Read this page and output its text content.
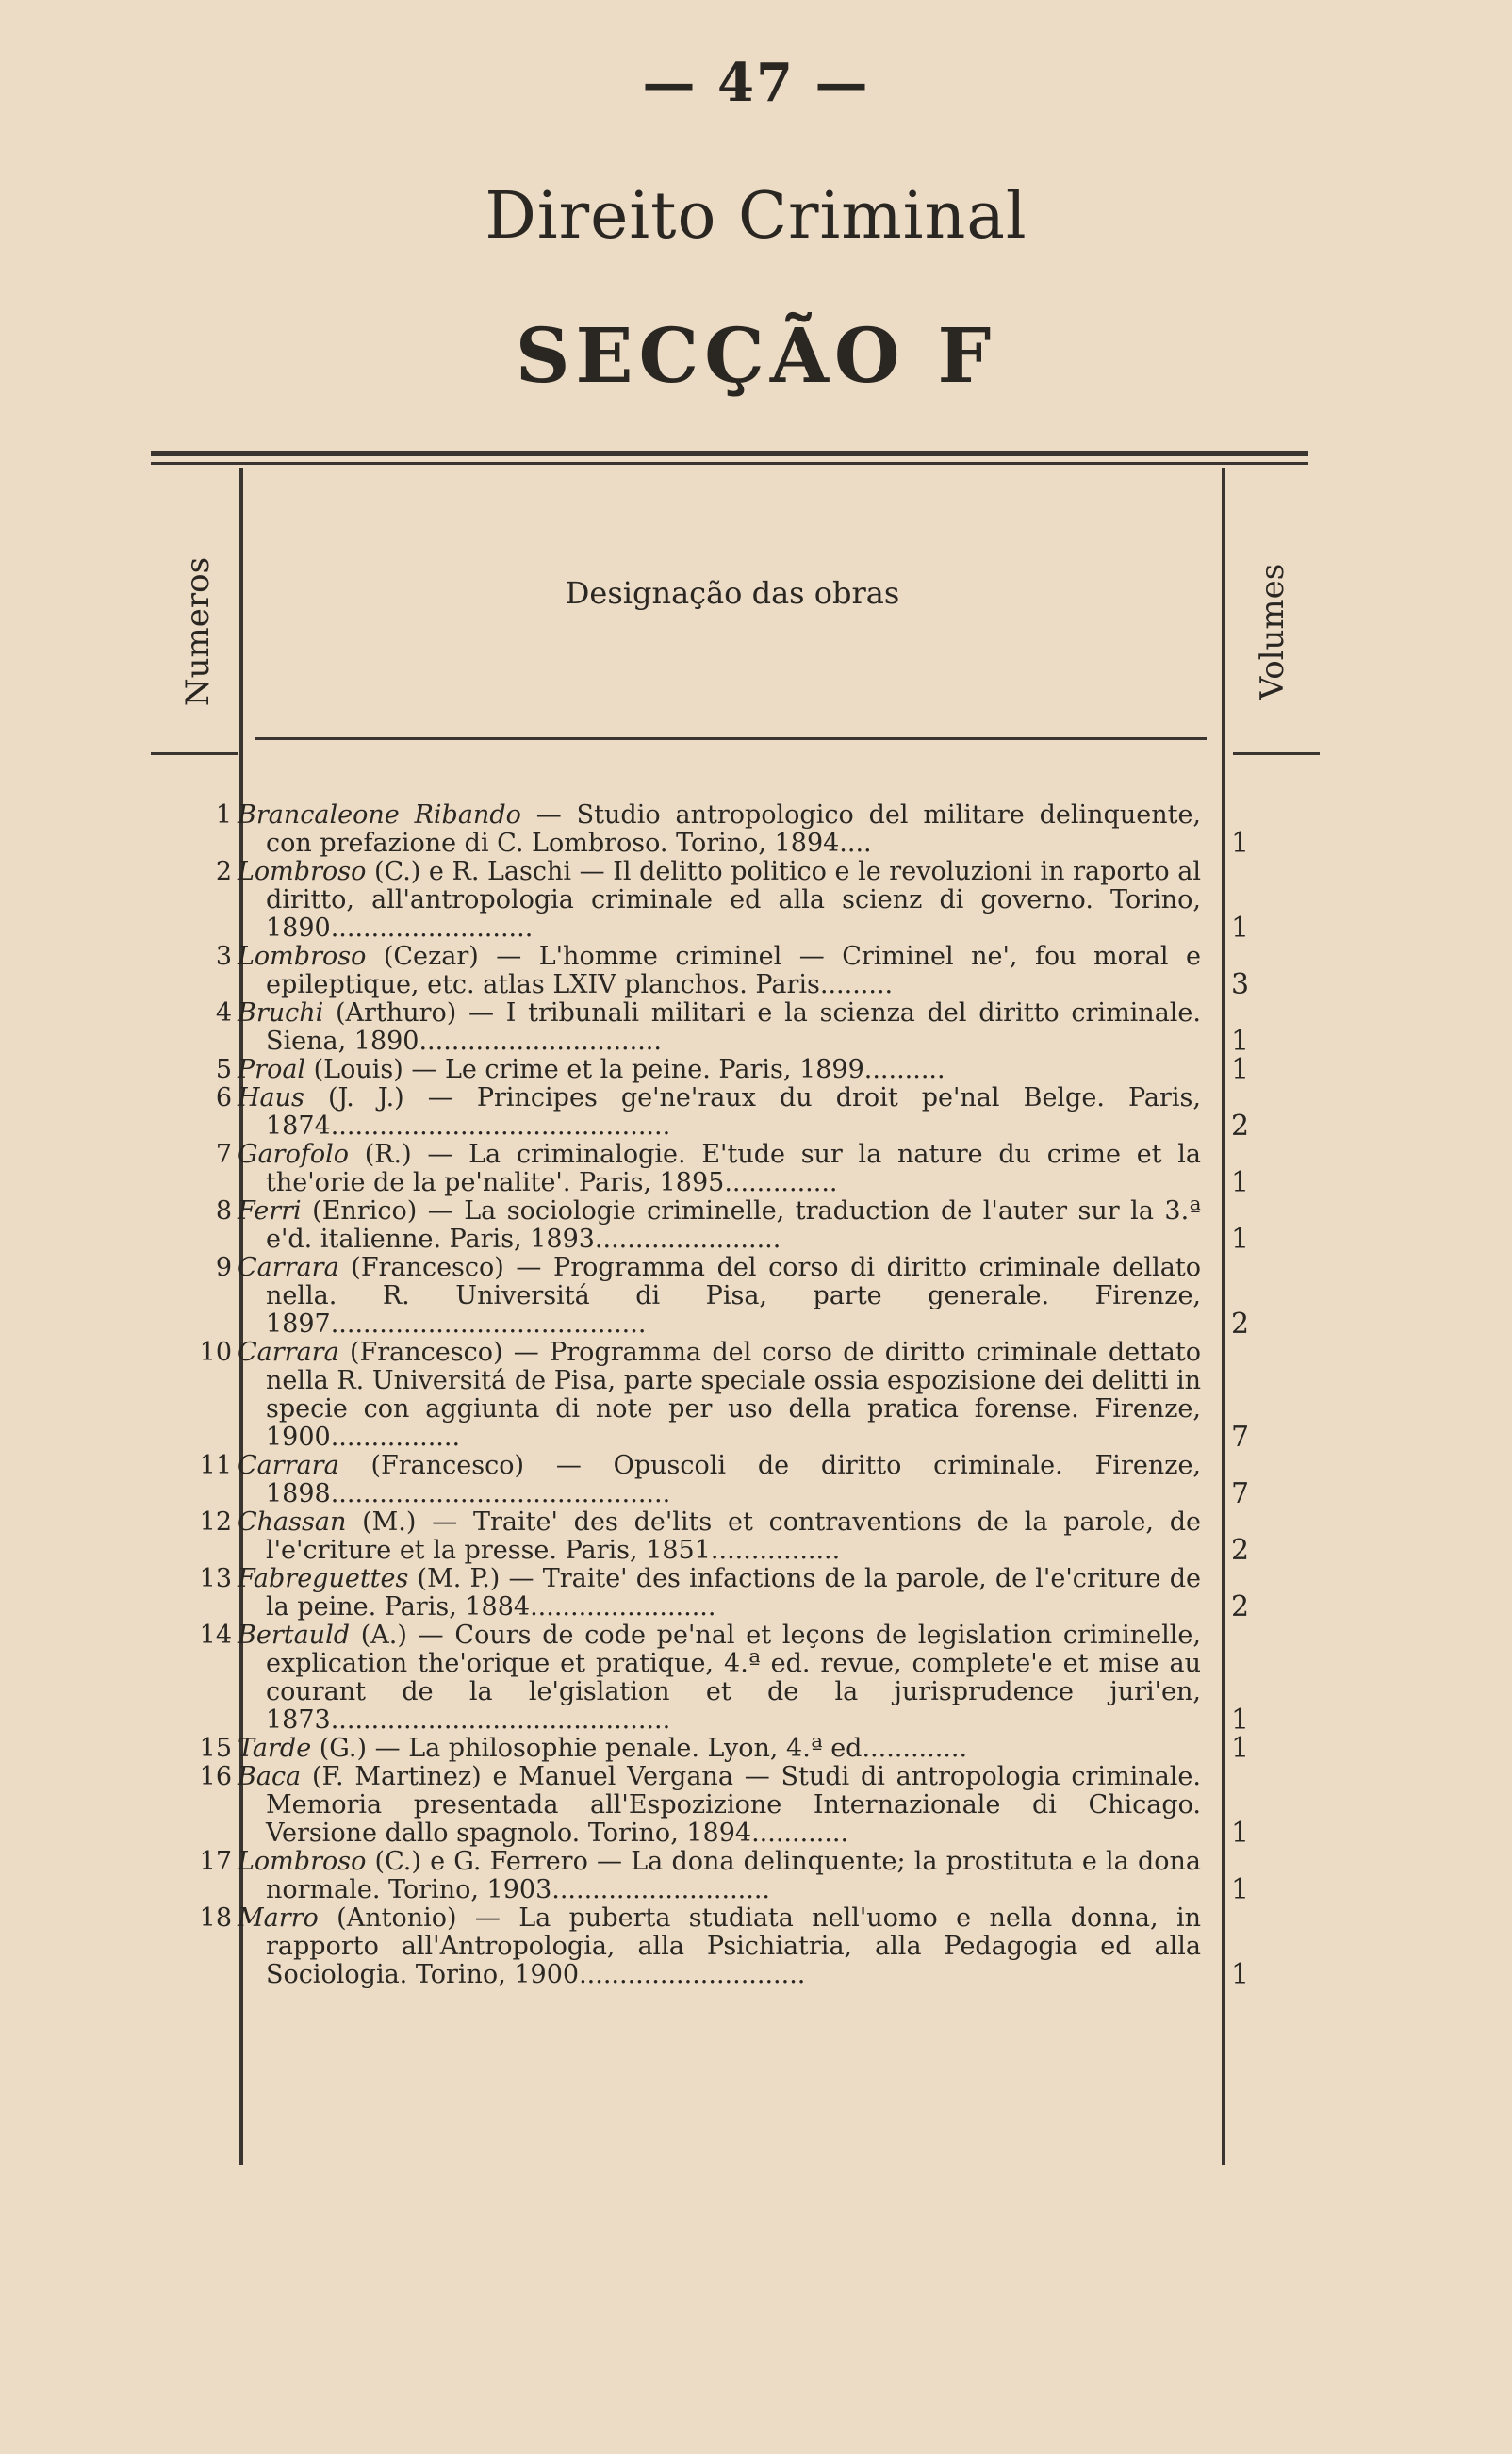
— 47 —
Direito Criminal
SECÇÃO F
Numeros	Designação das obras	Volumes
1 Brancaleone Ribando — Studio antropologico del militare delinquente, con prefazione di C. Lombroso. Torino, 1894....	1
2 Lombroso (C.) e R. Laschi — Il delitto politico e le revoluzioni in raporto al diritto, all'antropologia criminale ed alla scienz di governo. Torino, 1890.........................	1
3 Lombroso (Cezar) — L'homme criminel — Criminel ne', fou moral e epileptique, etc. atlas LXIV planchos. Paris.........	3
4 Bruchi (Arthuro) — I tribunali militari e la scienza del diritto criminale. Siena, 1890..............................	1
5 Proal (Louis) — Le crime et la peine. Paris, 1899..........	1
6 Haus (J. J.) — Principes ge'ne'raux du droit pe'nal Belge. Paris, 1874..........................................	2
7 Garofolo (R.) — La criminalogie. E'tude sur la nature du crime et la the'orie de la pe'nalite'. Paris, 1895..............	1
8 Ferri (Enrico) — La sociologie criminelle, traduction de l'auter sur la 3.ª e'd. italienne. Paris, 1893.......................	1
9 Carrara (Francesco) — Programma del corso di diritto criminale dellato nella. R. Universitá di Pisa, parte generale. Firenze, 1897.......................................	2
10 Carrara (Francesco) — Programma del corso de diritto criminale dettato nella R. Universitá de Pisa, parte speciale ossia espozisione dei delitti in specie con aggiunta di note per uso della pratica forense. Firenze, 1900................	7
11 Carrara (Francesco) — Opuscoli de diritto criminale. Firenze, 1898..........................................	7
12 Chassan (M.) — Traite' des de'lits et contraventions de la parole, de l'e'criture et la presse. Paris, 1851................	2
13 Fabreguettes (M. P.) — Traite' des infactions de la parole, de l'e'criture de la peine. Paris, 1884.......................	2
14 Bertauld (A.) — Cours de code pe'nal et leçons de legislation criminelle, explication the'orique et pratique, 4.ª ed. revue, complete'e et mise au courant de la le'gislation et de la jurisprudence juri'en, 1873..........................................	1
15 Tarde (G.) — La philosophie penale. Lyon, 4.ª ed.............	1
16 Baca (F. Martinez) e Manuel Vergana — Studi di antropologia criminale. Memoria presentada all'Espozizione Internazionale di Chicago. Versione dallo spagnolo. Torino, 1894............	1
17 Lombroso (C.) e G. Ferrero — La dona delinquente; la prostituta e la dona normale. Torino, 1903...........................	1
18 Marro (Antonio) — La puberta studiata nell'uomo e nella donna, in rapporto all'Antropologia, alla Psichiatria, alla Pedagogia ed alla Sociologia. Torino, 1900............................	1
